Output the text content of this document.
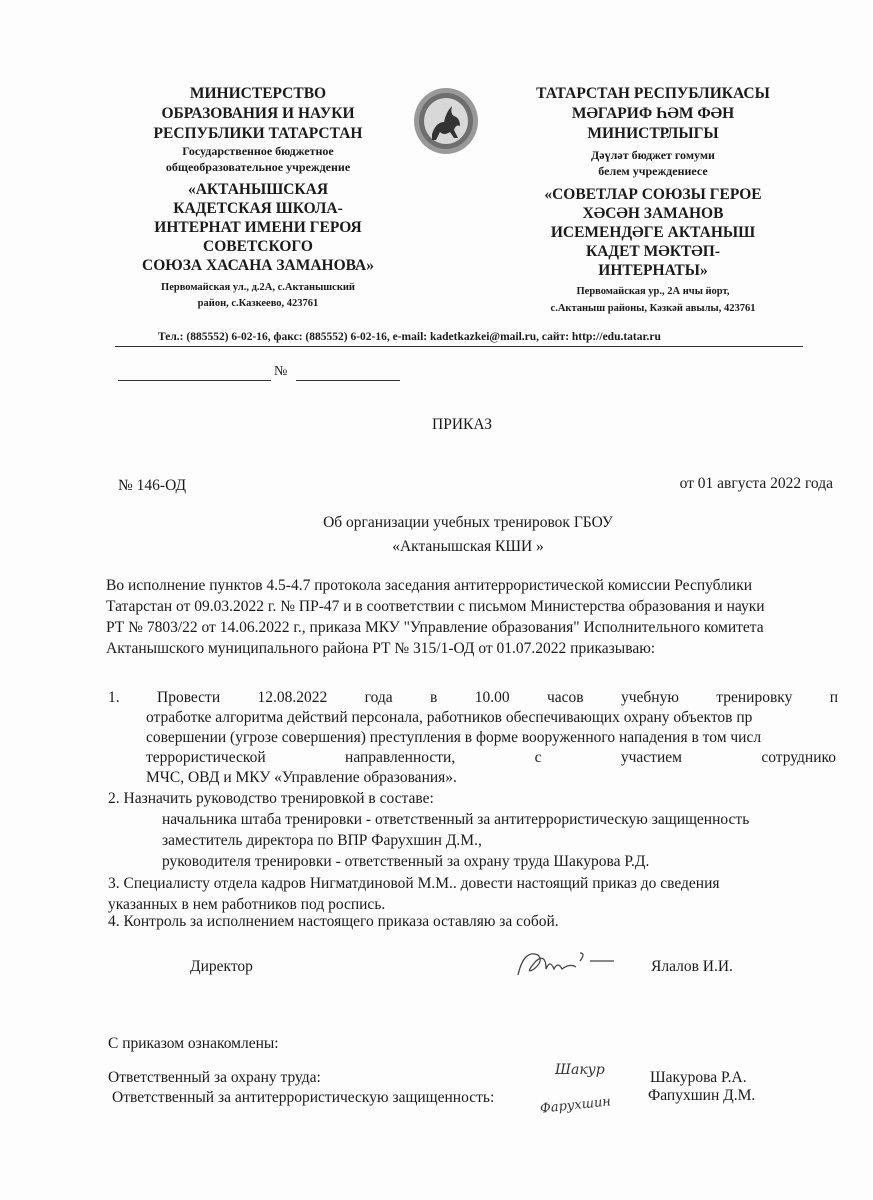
МИНИСТЕРСТВО
ОБРАЗОВАНИЯ И НАУКИ
РЕСПУБЛИКИ ТАТАРСТАН
Государственное бюджетное
общеобразовательное учреждение
«АКТАНЫШСКАЯ
КАДЕТСКАЯ ШКОЛА-
ИНТЕРНАТ ИМЕНИ ГЕРОЯ
СОВЕТСКОГО
СОЮЗА ХАСАНА ЗАМАНОВА»
Первомайская ул., д.2А, с.Актанышский
район, с.Казкеево, 423761
ТАТАРСТАН РЕСПУБЛИКАСЫ
МӘГАРИФ ҺӘМ ФӘН
МИНИСТРЛЫГЫ
Дәүләт бюджет гомуми
белем учреждениесе
«СОВЕТЛАР СОЮЗЫ ГЕРОЕ
ХӘСӘН ЗАМАНОВ
ИСЕМЕНДӘГЕ АКТАНЫШ
КАДЕТ МӘКТӘП-
ИНТЕРНАТЫ»
Первомайская ур., 2А нчы йорт,
с.Актаныш районы, Кәзкәй авылы, 423761
Тел.: (885552) 6-02-16, факс: (885552) 6-02-16, e-mail: kadetkazkei@mail.ru, сайт: http://edu.tatar.ru
№
ПРИКАЗ
№ 146-ОД	от 01 августа 2022 года
Об организации учебных тренировок ГБОУ
«Актанышская КШИ »
Во исполнение пунктов 4.5-4.7 протокола заседания антитеррористической комиссии Республики
Татарстан от 09.03.2022 г. № ПР-47 и в соответствии с письмом Министерства образования и науки
РТ № 7803/22 от 14.06.2022 г., приказа МКУ "Управление образования" Исполнительного комитета
Актанышского муниципального района РТ № 315/1-ОД от 01.07.2022 приказываю:
1. Провести 12.08.2022 года в 10.00 часов учебную тренировку п
отработке алгоритма действий персонала, работников обеспечивающих охрану объектов пр
совершении (угрозе совершения) преступления в форме вооруженного нападения в том числ
террористической направленности, с участием сотруднико
МЧС, ОВД и МКУ «Управление образования».
2. Назначить руководство тренировкой в составе:
начальника штаба тренировки - ответственный за антитеррористическую защищенность
заместитель директора по ВПР Фарухшин Д.М.,
руководителя тренировки - ответственный за охрану труда Шакурова Р.Д.
3. Специалисту отдела кадров Нигматдиновой М.М.. довести настоящий приказ до сведения
указанных в нем работников под роспись.
4. Контроль за исполнением настоящего приказа оставляю за собой.
Директор	Ялалов И.И.
С приказом ознакомлены:
Ответственный за охрану труда:	Шакурова Р.А.
Ответственный за антитеррористическую защищенность:	Фапухшин Д.М.
Шакур
Фарухшин
